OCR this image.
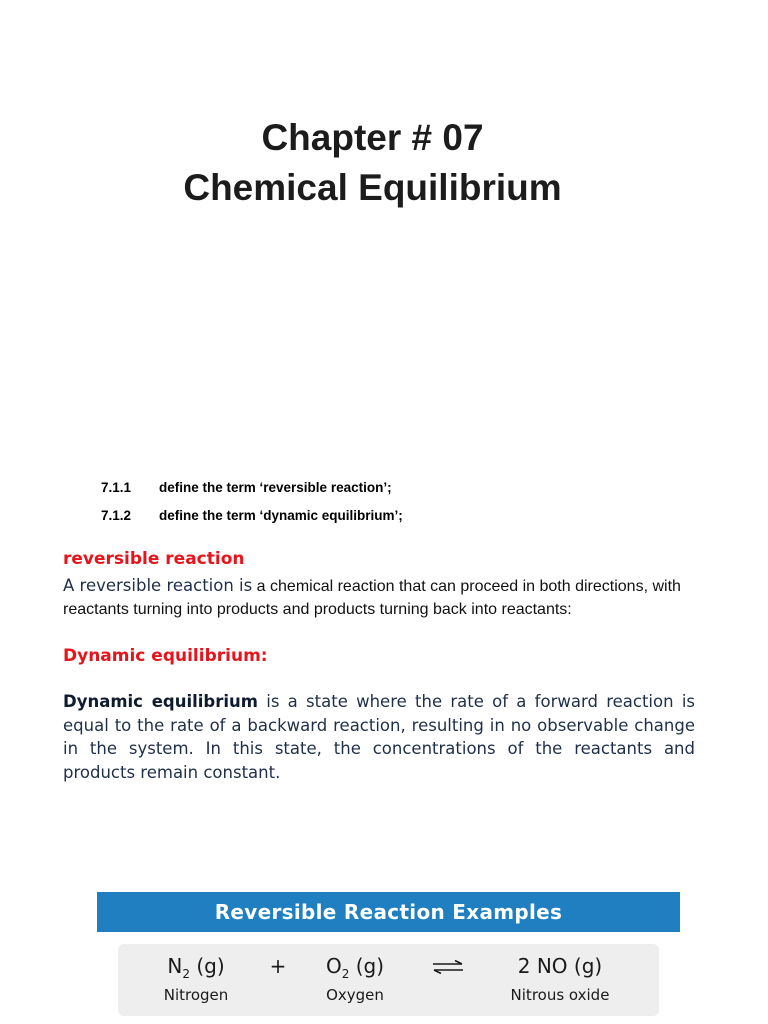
Chapter # 07
Chemical Equilibrium
7.1.1 define the term ‘reversible reaction’;
7.1.2 define the term ‘dynamic equilibrium’;
reversible reaction
A reversible reaction is a chemical reaction that can proceed in both directions, with reactants turning into products and products turning back into reactants:
Dynamic equilibrium:
Dynamic equilibrium is a state where the rate of a forward reaction is equal to the rate of a backward reaction, resulting in no observable change in the system. In this state, the concentrations of the reactants and products remain constant.
Reversible Reaction Examples
$N_2$ (g)
Nitrogen
+	$O_2$ (g)
Oxygen
2 NO (g)
Nitrous oxide
